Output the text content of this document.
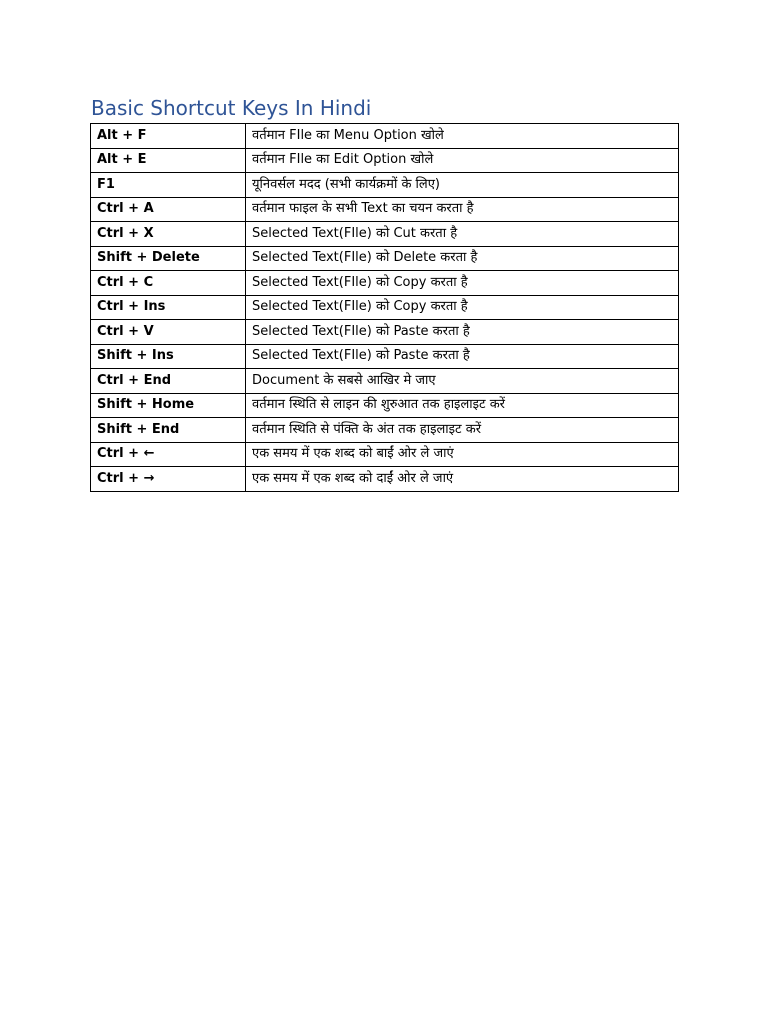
Basic Shortcut Keys In Hindi
Alt + F	वर्तमान FIle का Menu Option खोले
Alt + E	वर्तमान FIle का Edit Option खोले
F1	यूनिवर्सल मदद (सभी कार्यक्रमों के लिए)
Ctrl + A	वर्तमान फाइल के सभी Text का चयन करता है
Ctrl + X	Selected Text(FIle) को Cut करता है
Shift + Delete	Selected Text(FIle) को Delete करता है
Ctrl + C	Selected Text(FIle) को Copy करता है
Ctrl + Ins	Selected Text(FIle) को Copy करता है
Ctrl + V	Selected Text(FIle) को Paste करता है
Shift + Ins	Selected Text(FIle) को Paste करता है
Ctrl + End	Document के सबसे आखिर मे जाए
Shift + Home	वर्तमान स्थिति से लाइन की शुरुआत तक हाइलाइट करें
Shift + End	वर्तमान स्थिति से पंक्ति के अंत तक हाइलाइट करें
Ctrl + ←	एक समय में एक शब्द को बाईं ओर ले जाएं
Ctrl + →	एक समय में एक शब्द को दाईं ओर ले जाएं
